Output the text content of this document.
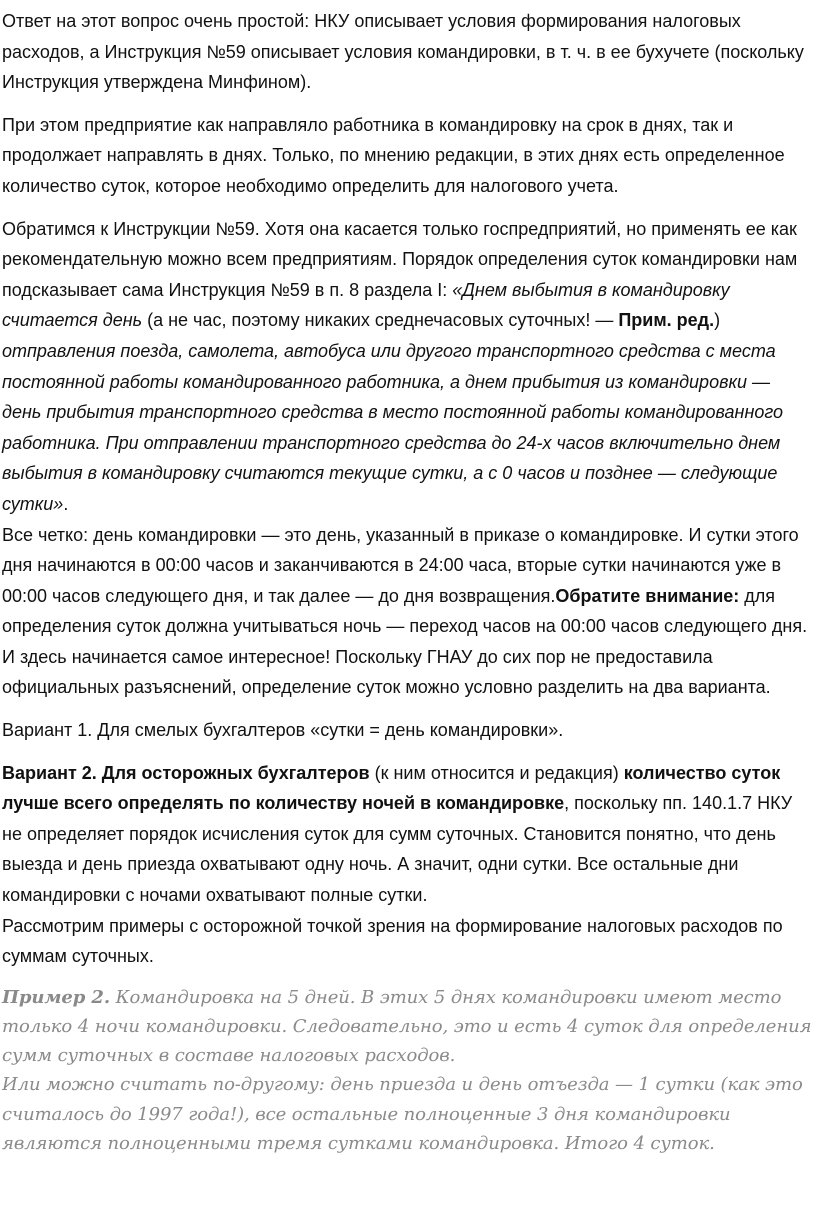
Ответ на этот вопрос очень простой: НКУ описывает условия формирования налоговых расходов, а Инструкция №59 описывает условия командировки, в т. ч. в ее бухучете (поскольку Инструкция утверждена Минфином).

При этом предприятие как направляло работника в командировку на срок в днях, так и продолжает направлять в днях. Только, по мнению редакции, в этих днях есть определенное количество суток, которое необходимо определить для налогового учета.

Обратимся к Инструкции №59. Хотя она касается только госпредприятий, но применять ее как рекомендательную можно всем предприятиям. Порядок определения суток командировки нам подсказывает сама Инструкция №59 в п. 8 раздела I: «Днем выбытия в командировку считается день (а не час, поэтому никаких среднечасовых суточных! — Прим. ред.) отправления поезда, самолета, автобуса или другого транспортного средства с места постоянной работы командированного работника, а днем прибытия из командировки — день прибытия транспортного средства в место постоянной работы командированного работника. При отправлении транспортного средства до 24-х часов включительно днем выбытия в командировку считаются текущие сутки, а с 0 часов и позднее — следующие сутки».
Все четко: день командировки — это день, указанный в приказе о командировке. И сутки этого дня начинаются в 00:00 часов и заканчиваются в 24:00 часа, вторые сутки начинаются уже в 00:00 часов следующего дня, и так далее — до дня возвращения.Обратите внимание: для определения суток должна учитываться ночь — переход часов на 00:00 часов следующего дня. И здесь начинается самое интересное! Поскольку ГНАУ до сих пор не предоставила официальных разъяснений, определение суток можно условно разделить на два варианта.

Вариант 1. Для смелых бухгалтеров «сутки = день командировки».

Вариант 2. Для осторожных бухгалтеров (к ним относится и редакция) количество суток лучше всего определять по количеству ночей в командировке, поскольку пп. 140.1.7 НКУ не определяет порядок исчисления суток для сумм суточных. Становится понятно, что день выезда и день приезда охватывают одну ночь. А значит, одни сутки. Все остальные дни командировки с ночами охватывают полные сутки.
Рассмотрим примеры с осторожной точкой зрения на формирование налоговых расходов по суммам суточных.

Пример 2. Командировка на 5 дней. В этих 5 днях командировки имеют место только 4 ночи командировки. Следовательно, это и есть 4 суток для определения сумм суточных в составе налоговых расходов.
Или можно считать по-другому: день приезда и день отъезда — 1 сутки (как это считалось до 1997 года!), все остальные полноценные 3 дня командировки являются полноценными тремя сутками командировка. Итого 4 суток.
